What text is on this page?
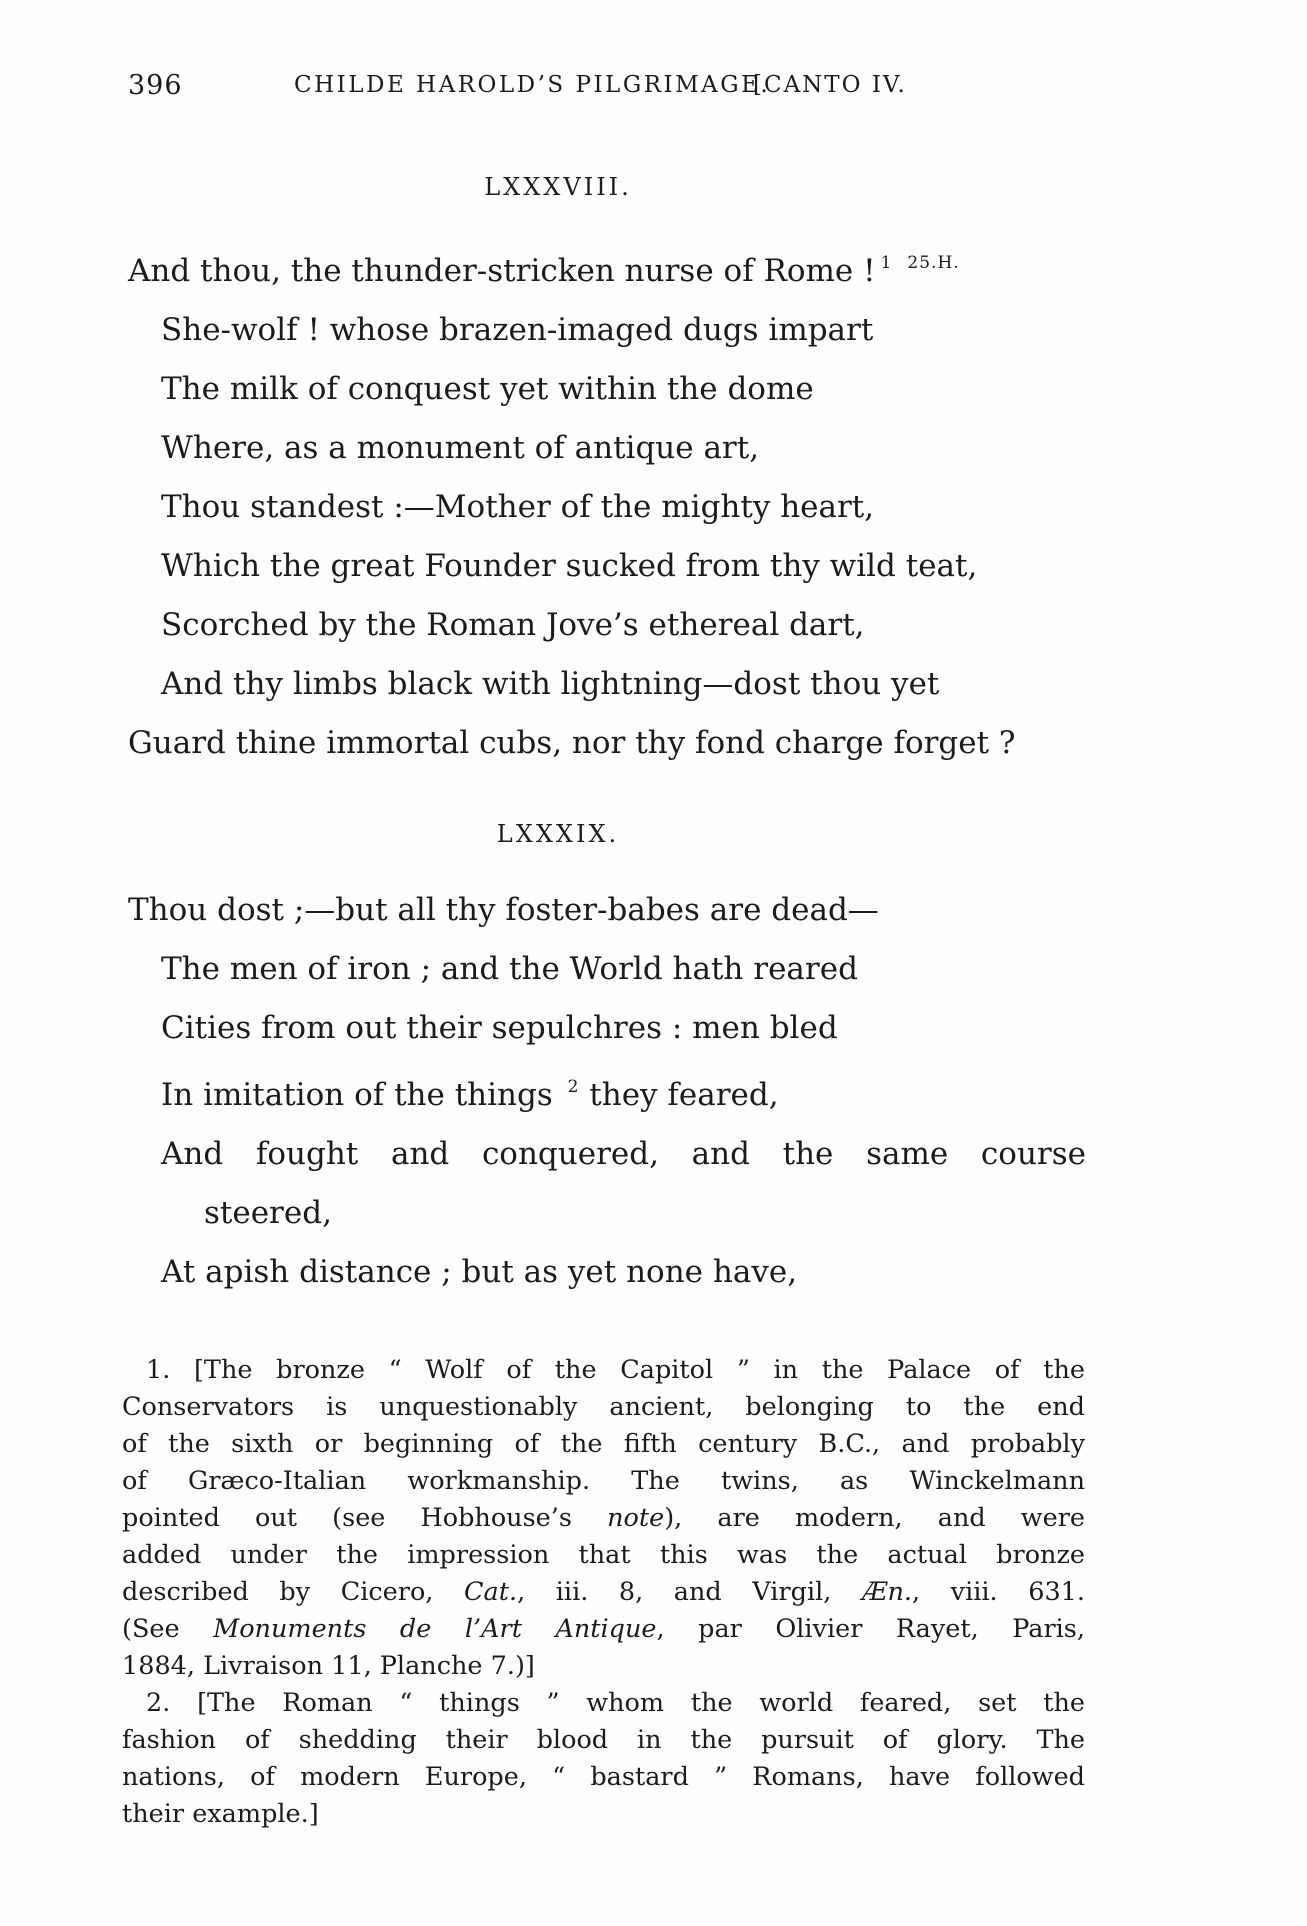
396	CHILDE HAROLD’S PILGRIMAGE.
[CANTO IV.
LXXXVIII.
And thou, the thunder-stricken nurse of Rome ! $^1$ $^{25.H.}$
She-wolf ! whose brazen-imaged dugs impart
The milk of conquest yet within the dome
Where, as a monument of antique art,
Thou standest :—Mother of the mighty heart,
Which the great Founder sucked from thy wild teat,
Scorched by the Roman Jove’s ethereal dart,
And thy limbs black with lightning—dost thou yet
Guard thine immortal cubs, nor thy fond charge forget ?
LXXXIX.
Thou dost ;—but all thy foster-babes are dead—
The men of iron ; and the World hath reared
Cities from out their sepulchres : men bled
In imitation of the things $^2$ they feared,
And fought and conquered, and the same course
steered,
At apish distance ; but as yet none have,
1. [The bronze “ Wolf of the Capitol ” in the Palace of the
Conservators is unquestionably ancient, belonging to the end
of the sixth or beginning of the fifth century B.C., and probably
of Græco-Italian workmanship. The twins, as Winckelmann
pointed out (see Hobhouse’s note), are modern, and were
added under the impression that this was the actual bronze
described by Cicero, Cat., iii. 8, and Virgil, Æn., viii. 631.
(See Monuments de l’Art Antique, par Olivier Rayet, Paris,
1884, Livraison 11, Planche 7.)]
2. [The Roman “ things ” whom the world feared, set the
fashion of shedding their blood in the pursuit of glory. The
nations, of modern Europe, “ bastard ” Romans, have followed
their example.]
